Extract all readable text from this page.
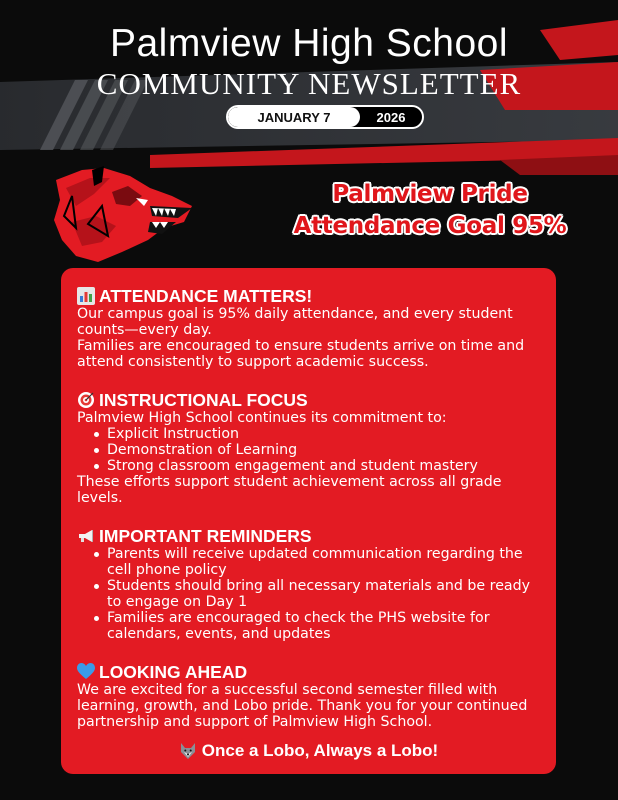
Palmview High School
COMMUNITY NEWSLETTER
JANUARY 7	2026
Palmview Pride
Attendance Goal 95%
ATTENDANCE MATTERS!

Our campus goal is 95% daily attendance, and every student counts—every day.

Families are encouraged to ensure students arrive on time and attend consistently to support academic success.

INSTRUCTIONAL FOCUS

Palmview High School continues its commitment to:

Explicit Instruction
Demonstration of Learning
Strong classroom engagement and student mastery

These efforts support student achievement across all grade levels.

IMPORTANT REMINDERS
Parents will receive updated communication regarding the cell phone policy
Students should bring all necessary materials and be ready to engage on Day 1
Families are encouraged to check the PHS website for calendars, events, and updates
LOOKING AHEAD

We are excited for a successful second semester filled with learning, growth, and Lobo pride. Thank you for your continued partnership and support of Palmview High School.

Once a Lobo, Always a Lobo!
